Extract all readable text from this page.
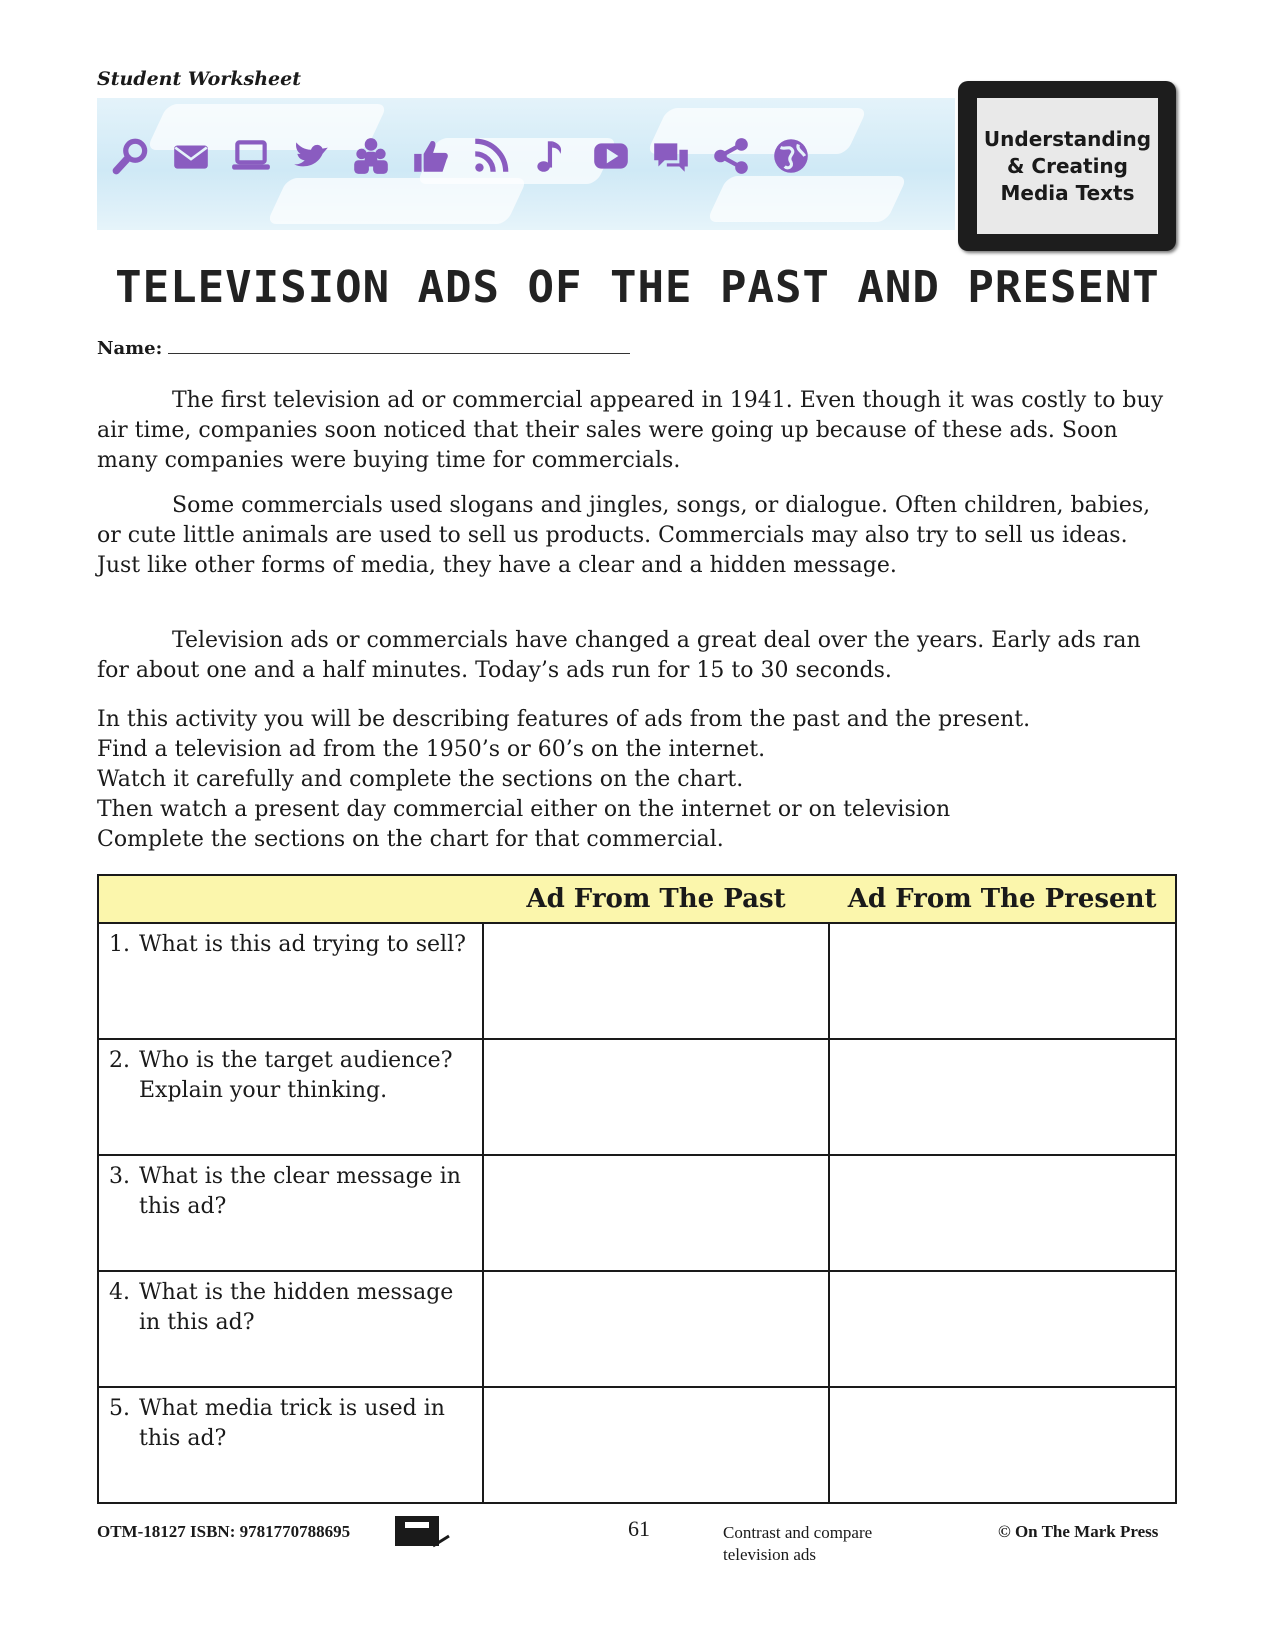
Student Worksheet
Understanding
& Creating
Media Texts
TELEVISION ADS OF THE PAST AND PRESENT
Name:

The first television ad or commercial appeared in 1941. Even though it was costly to buy air time, companies soon noticed that their sales were going up because of these ads. Soon many companies were buying time for commercials.

Some commercials used slogans and jingles, songs, or dialogue. Often children, babies, or cute little animals are used to sell us products. Commercials may also try to sell us ideas. Just like other forms of media, they have a clear and a hidden message.

Television ads or commercials have changed a great deal over the years. Early ads ran for about one and a half minutes. Today’s ads run for 15 to 30 seconds.

In this activity you will be describing features of ads from the past and the present.
Find a television ad from the 1950’s or 60’s on the internet.
Watch it carefully and complete the sections on the chart.
Then watch a present day commercial either on the internet or on television
Complete the sections on the chart for that commercial.
	Ad From The Past	Ad From The Present

1. What is this ad trying to sell?		

2. Who is the target audience? Explain your thinking.		

3. What is the clear message in this ad?		

4. What is the hidden message in this ad?		

5. What media trick is used in this ad?		

OTM-18127 ISBN: 9781770788695	61	Contrast and compare television ads
© On The Mark Press
